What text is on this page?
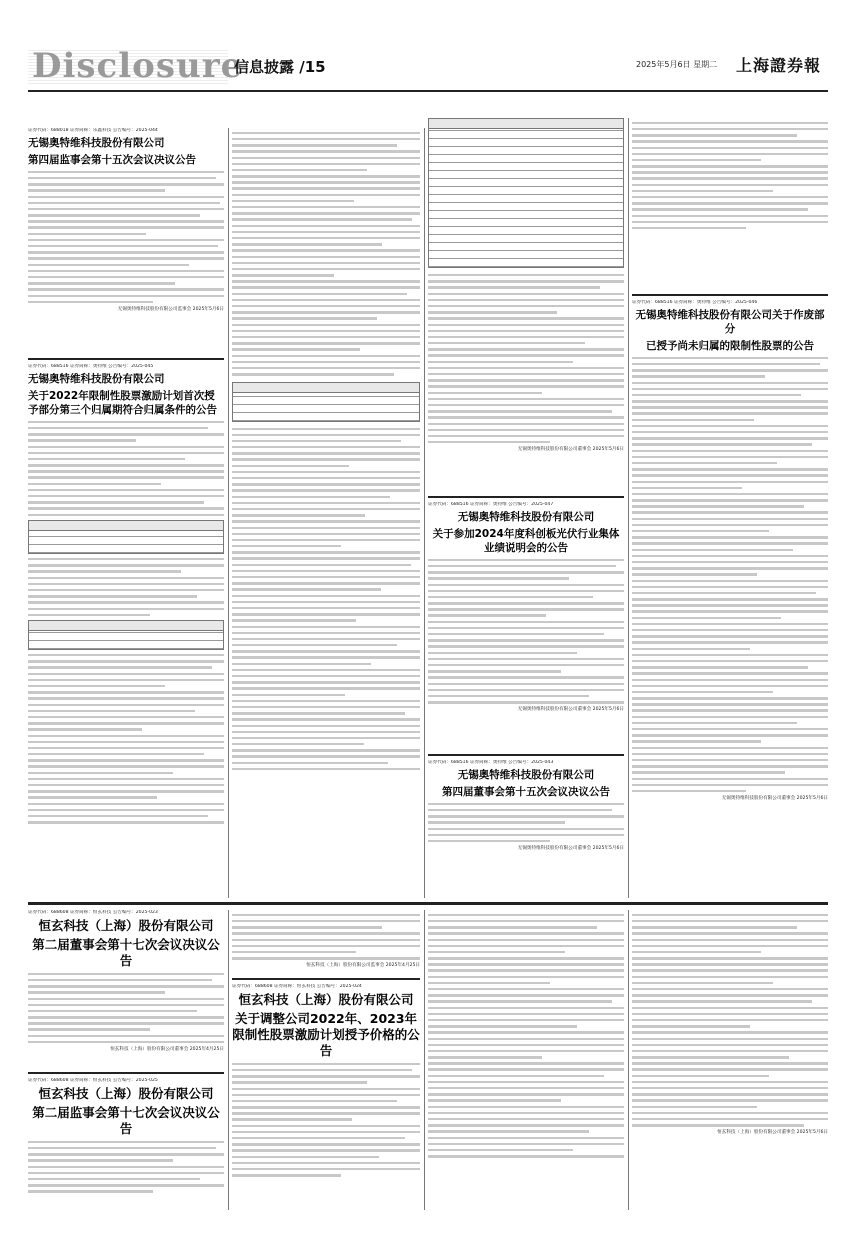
Disclosure
信息披露 /15	2025年5月6日 星期二 上海證券報
证券代码：688018 证券简称：乐鑫科技 公告编号：2025-044
无锡奥特维科技股份有限公司
第四届监事会第十五次会议决议公告
无锡奥特维科技股份有限公司监事会 2025年5月6日
证券代码：688516 证券简称：奥特维 公告编号：2025-045
无锡奥特维科技股份有限公司
关于2022年限制性股票激励计划首次授予部分第三个归属期符合归属条件的公告
无锡奥特维科技股份有限公司董事会 2025年5月6日
证券代码：688516 证券简称：奥特维 公告编号：2025-047
无锡奥特维科技股份有限公司
关于参加2024年度科创板光伏行业集体业绩说明会的公告
无锡奥特维科技股份有限公司董事会 2025年5月6日
证券代码：688516 证券简称：奥特维 公告编号：2025-043
无锡奥特维科技股份有限公司
第四届董事会第十五次会议决议公告
无锡奥特维科技股份有限公司董事会 2025年5月6日
证券代码：688516 证券简称：奥特维 公告编号：2025-046
无锡奥特维科技股份有限公司关于作废部分
已授予尚未归属的限制性股票的公告
无锡奥特维科技股份有限公司董事会 2025年5月6日
证券代码：688608 证券简称：恒玄科技 公告编号：2025-023
恒玄科技（上海）股份有限公司
第二届董事会第十七次会议决议公告
恒玄科技（上海）股份有限公司董事会 2025年4月25日
证券代码：688608 证券简称：恒玄科技 公告编号：2025-025
恒玄科技（上海）股份有限公司
第二届监事会第十七次会议决议公告
恒玄科技（上海）股份有限公司监事会 2025年4月25日
证券代码：688608 证券简称：恒玄科技 公告编号：2025-024
恒玄科技（上海）股份有限公司
关于调整公司2022年、2023年限制性股票激励计划授予价格的公告
恒玄科技（上海）股份有限公司董事会 2025年5月6日
